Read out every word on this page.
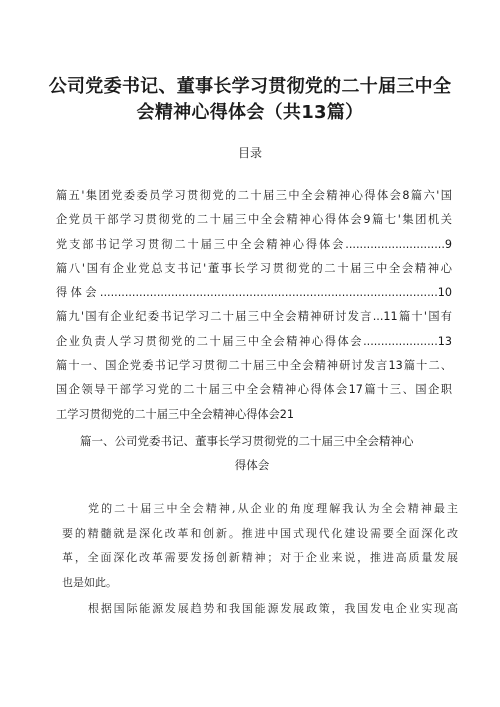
公司党委书记、董事长学习贯彻党的二十届三中全
会精神心得体会（共13篇）
目录
篇五'集团党委委员学习贯彻党的二十届三中全会精神心得体会8篇六'国
企党员干部学习贯彻党的二十届三中全会精神心得体会9篇七'集团机关
党支部书记学习贯彻二十届三中全会精神心得体会............................9
篇八'国有企业党总支书记'董事长学习贯彻党的二十届三中全会精神心
得体会...............................................................................................10
篇九'国有企业纪委书记学习二十届三中全会精神研讨发言...11篇十'国有
企业负责人学习贯彻党的二十届三中全会精神心得体会.....................13
篇十一、国企党委书记学习贯彻二十届三中全会精神研讨发言13篇十二、
国企领导干部学习党的二十届三中全会精神心得体会17篇十三、国企职
工学习贯彻党的二十届三中全会精神心得体会21
篇一、公司党委书记、董事长学习贯彻党的二十届三中全会精神心
得体会
党的二十届三中全会精神,从企业的角度理解我认为全会精神最主
要的精髓就是深化改革和创新。推进中国式现代化建设需要全面深化改
革，全面深化改革需要发扬创新精神；对于企业来说，推进高质量发展
也是如此。
根据国际能源发展趋势和我国能源发展政策，我国发电企业实现高
